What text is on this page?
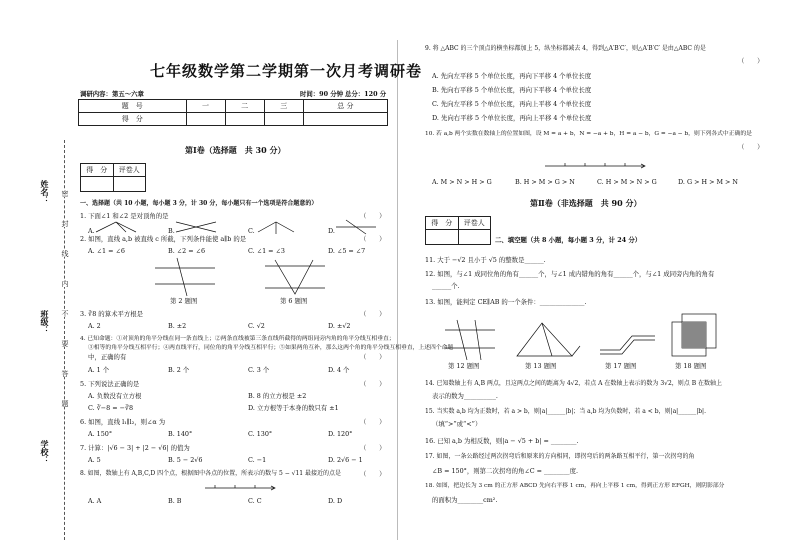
姓名：
班级：
学校：
密
封
线
内
不
要
答
题
七年级数学第二学期第一次月考调研卷
调研内容：第五～六章	时间：90 分钟 总分：120 分
题　号	一	二	三	总 分
得　分				
第Ⅰ卷（选择题　共 30 分）
得　分	评卷人

一、选择题（共 10 小题，每小题 3 分，计 30 分，每小题只有一个选项是符合题意的）
1. 下面∠1 和∠2 是对顶角的是	（　　）
A.	B.	C.	D.
2. 如图，直线 a,b 被直线 c 所截，下列条件能使 a∥b 的是	（　　）
A. ∠1 = ∠6	B. ∠2 = ∠6	C. ∠1 = ∠3	D. ∠5 = ∠7
第 2 题图	第 6 题图
3. ∛8 的算术平方根是	（　　）
A. 2	B. ±2	C. √2	D. ±√2
4. 已知命题：①对顶角的角平分线在同一条直线上；②两条直线被第三条直线所截得的两组同旁内角的角平分线互相垂直；
③相等的角平分线互相平行；④两直线平行，同位角的角平分线互相平行；⑤如果两角互补，那么这两个角的角平分线互相垂直，上述四个命题
中，正确的有	（　　）
A. 1 个	B. 2 个	C. 3 个	D. 4 个
5. 下列说法正确的是	（　　）
A. 负数没有立方根	B. 8 的立方根是 ±2
C. ∛−8 = −∛8	D. 立方根等于本身的数只有 ±1
6. 如图，直线 l₁∥l₂，则∠α 为	（　　）
A. 150°	B. 140°	C. 130°	D. 120°
7. 计算：|√6 − 3| + |2 − √6| 的值为	（　　）
A. 5	B. 5 − 2√6	C. −1	D. 2√6 − 1
8. 如图，数轴上有 A,B,C,D 四个点，根据图中各点的位置，所表示的数与 5 − √11 最接近的点是	（　　）
A. A	B. B	C. C	D. D
9. 将 △ABC 的三个顶点的横坐标都加上 5，纵坐标都减去 4，得到△A′B′C′，则△A′B′C′ 是由△ABC 的是
（　　）
A. 先向左平移 5 个单位长度，再向下平移 4 个单位长度
B. 先向右平移 5 个单位长度，再向下平移 4 个单位长度
C. 先向左平移 5 个单位长度，再向上平移 4 个单位长度
D. 先向右平移 5 个单位长度，再向上平移 4 个单位长度
10. 若 a,b 两个实数在数轴上的位置如图，设 M = a + b，N = −a + b，H = a − b，G = −a − b，则下列各式中正确的是
（　　）
A. M > N > H > G	B. H > M > G > N	C. H > M > N > G	D. G > H > M > N
第Ⅱ卷（非选择题　共 90 分）
得　分	评卷人

二、填空题（共 8 小题，每小题 3 分，计 24 分）
11. 大于 −√2 且小于 √5 的整数是______.
12. 如图，与∠1 成同位角的角有______个，与∠1 成内错角的角有______个，与∠1 成同旁内角的角有
______个.
13. 如图，能判定 CE∥AB 的一个条件：______________.
第 12 题图	第 13 题图	第 17 题图	第 18 题图
14. 已知数轴上有 A,B 两点，且这两点之间的距离为 4√2，若点 A 在数轴上表示的数为 3√2，则点 B 在数轴上
表示的数为__________.
15. 当实数 a,b 均为正数时，若 a > b，则|a|______|b|；当 a,b 均为负数时，若 a < b，则|a|______|b|.
（填“>”或“<”）
16. 已知 a,b 为相反数，则|a − √5 + b| = ________.
17. 如图，一条公路经过两次拐弯后和原来的方向相同，即拐弯后的两条路互相平行，第一次拐弯的角
∠B = 150°，则第二次拐弯的角∠C = ________度.
18. 如图，把边长为 3 cm 的正方形 ABCD 先向右平移 1 cm，再向上平移 1 cm，得到正方形 EFGH，则阴影部分
的面积为________cm².
